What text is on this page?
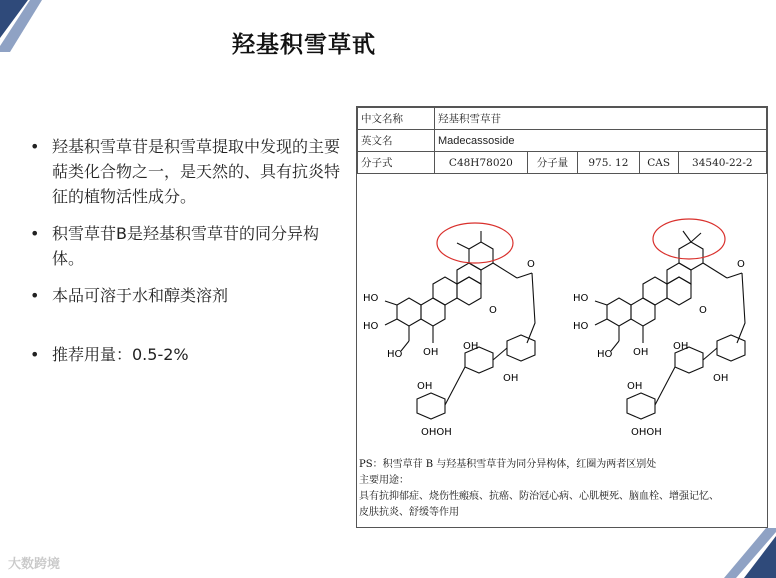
羟基积雪草甙
• 羟基积雪草苷是积雪草提取中发现的主要萜类化合物之一，是天然的、具有抗炎特征的植物活性成分。
• 积雪草苷B是羟基积雪草苷的同分异构体。
• 本品可溶于水和醇类溶剂
• 推荐用量：0.5-2%
中文名称	羟基积雪草苷				
英文名	Madecassoside				
分子式	C48H78020	分子量	975. 12	CAS	34540-22-2
HO
HO
HO OH
O
O
OH
OH
OH
OHOH
HO
HO
HO OH
O
O
OH
OH
OH
OHOH
PS：积雪草苷 B 与羟基积雪草苷为同分异构体，红圈为两者区别处
主要用途：
具有抗抑郁症、烧伤性瘢痕、抗癌、防治冠心病、心肌梗死、脑血栓、增强记忆、
皮肤抗炎、舒缓等作用
大数跨境
